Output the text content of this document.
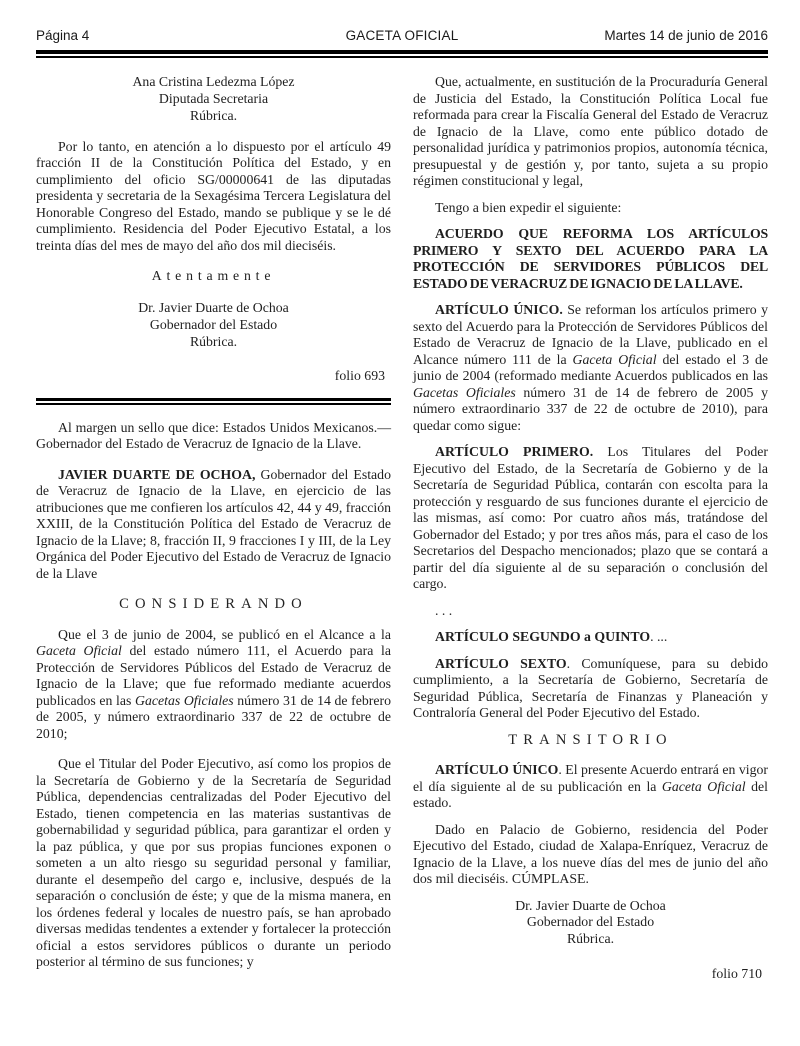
Página 4	GACETA OFICIAL	Martes 14 de junio de 2016
Ana Cristina Ledezma López
Diputada Secretaria
Rúbrica.

Por lo tanto, en atención a lo dispuesto por el artículo 49 fracción II de la Constitución Política del Estado, y en cumplimiento del oficio SG/00000641 de las diputadas presidenta y secretaria de la Sexagésima Tercera Legislatura del Honorable Congreso del Estado, mando se publique y se le dé cumplimiento. Residencia del Poder Ejecutivo Estatal, a los treinta días del mes de mayo del año dos mil dieciséis.

Atentamente
Dr. Javier Duarte de Ochoa
Gobernador del Estado
Rúbrica.
folio 693

Al margen un sello que dice: Estados Unidos Mexicanos.—Gobernador del Estado de Veracruz de Ignacio de la Llave.

JAVIER DUARTE DE OCHOA, Gobernador del Estado de Veracruz de Ignacio de la Llave, en ejercicio de las atribuciones que me confieren los artículos 42, 44 y 49, fracción XXIII, de la Constitución Política del Estado de Veracruz de Ignacio de la Llave; 8, fracción II, 9 fracciones I y III, de la Ley Orgánica del Poder Ejecutivo del Estado de Veracruz de Ignacio de la Llave

CONSIDERANDO

Que el 3 de junio de 2004, se publicó en el Alcance a la Gaceta Oficial del estado número 111, el Acuerdo para la Protección de Servidores Públicos del Estado de Veracruz de Ignacio de la Llave; que fue reformado mediante acuerdos publicados en las Gacetas Oficiales número 31 de 14 de febrero de 2005, y número extraordinario 337 de 22 de octubre de 2010;

Que el Titular del Poder Ejecutivo, así como los propios de la Secretaría de Gobierno y de la Secretaría de Seguridad Pública, dependencias centralizadas del Poder Ejecutivo del Estado, tienen competencia en las materias sustantivas de gobernabilidad y seguridad pública, para garantizar el orden y la paz pública, y que por sus propias funciones exponen o someten a un alto riesgo su seguridad personal y familiar, durante el desempeño del cargo e, inclusive, después de la separación o conclusión de éste; y que de la misma manera, en los órdenes federal y locales de nuestro país, se han aprobado diversas medidas tendentes a extender y fortalecer la protección oficial a estos servidores públicos o durante un periodo posterior al término de sus funciones; y

Que, actualmente, en sustitución de la Procuraduría General de Justicia del Estado, la Constitución Política Local fue reformada para crear la Fiscalía General del Estado de Veracruz de Ignacio de la Llave, como ente público dotado de personalidad jurídica y patrimonios propios, autonomía técnica, presupuestal y de gestión y, por tanto, sujeta a su propio régimen constitucional y legal,

Tengo a bien expedir el siguiente:

ACUERDO QUE REFORMA LOS ARTÍCULOS PRIMERO Y SEXTO DEL ACUERDO PARA LA PROTECCIÓN DE SERVIDORES PÚBLICOS DEL ESTADO DE VERACRUZ DE IGNACIO DE LA LLAVE.

ARTÍCULO ÚNICO. Se reforman los artículos primero y sexto del Acuerdo para la Protección de Servidores Públicos del Estado de Veracruz de Ignacio de la Llave, publicado en el Alcance número 111 de la Gaceta Oficial del estado el 3 de junio de 2004 (reformado mediante Acuerdos publicados en las Gacetas Oficiales número 31 de 14 de febrero de 2005 y número extraordinario 337 de 22 de octubre de 2010), para quedar como sigue:

ARTÍCULO PRIMERO. Los Titulares del Poder Ejecutivo del Estado, de la Secretaría de Gobierno y de la Secretaría de Seguridad Pública, contarán con escolta para la protección y resguardo de sus funciones durante el ejercicio de las mismas, así como: Por cuatro años más, tratándose del Gobernador del Estado; y por tres años más, para el caso de los Secretarios del Despacho mencionados; plazo que se contará a partir del día siguiente al de su separación o conclusión del cargo.

. . .

ARTÍCULO SEGUNDO a QUINTO. ...

ARTÍCULO SEXTO. Comuníquese, para su debido cumplimiento, a la Secretaría de Gobierno, Secretaría de Seguridad Pública, Secretaría de Finanzas y Planeación y Contraloría General del Poder Ejecutivo del Estado.

TRANSITORIO

ARTÍCULO ÚNICO. El presente Acuerdo entrará en vigor el día siguiente al de su publicación en la Gaceta Oficial del estado.

Dado en Palacio de Gobierno, residencia del Poder Ejecutivo del Estado, ciudad de Xalapa-Enríquez, Veracruz de Ignacio de la Llave, a los nueve días del mes de junio del año dos mil dieciséis. CÚMPLASE.

Dr. Javier Duarte de Ochoa
Gobernador del Estado
Rúbrica.
folio 710
